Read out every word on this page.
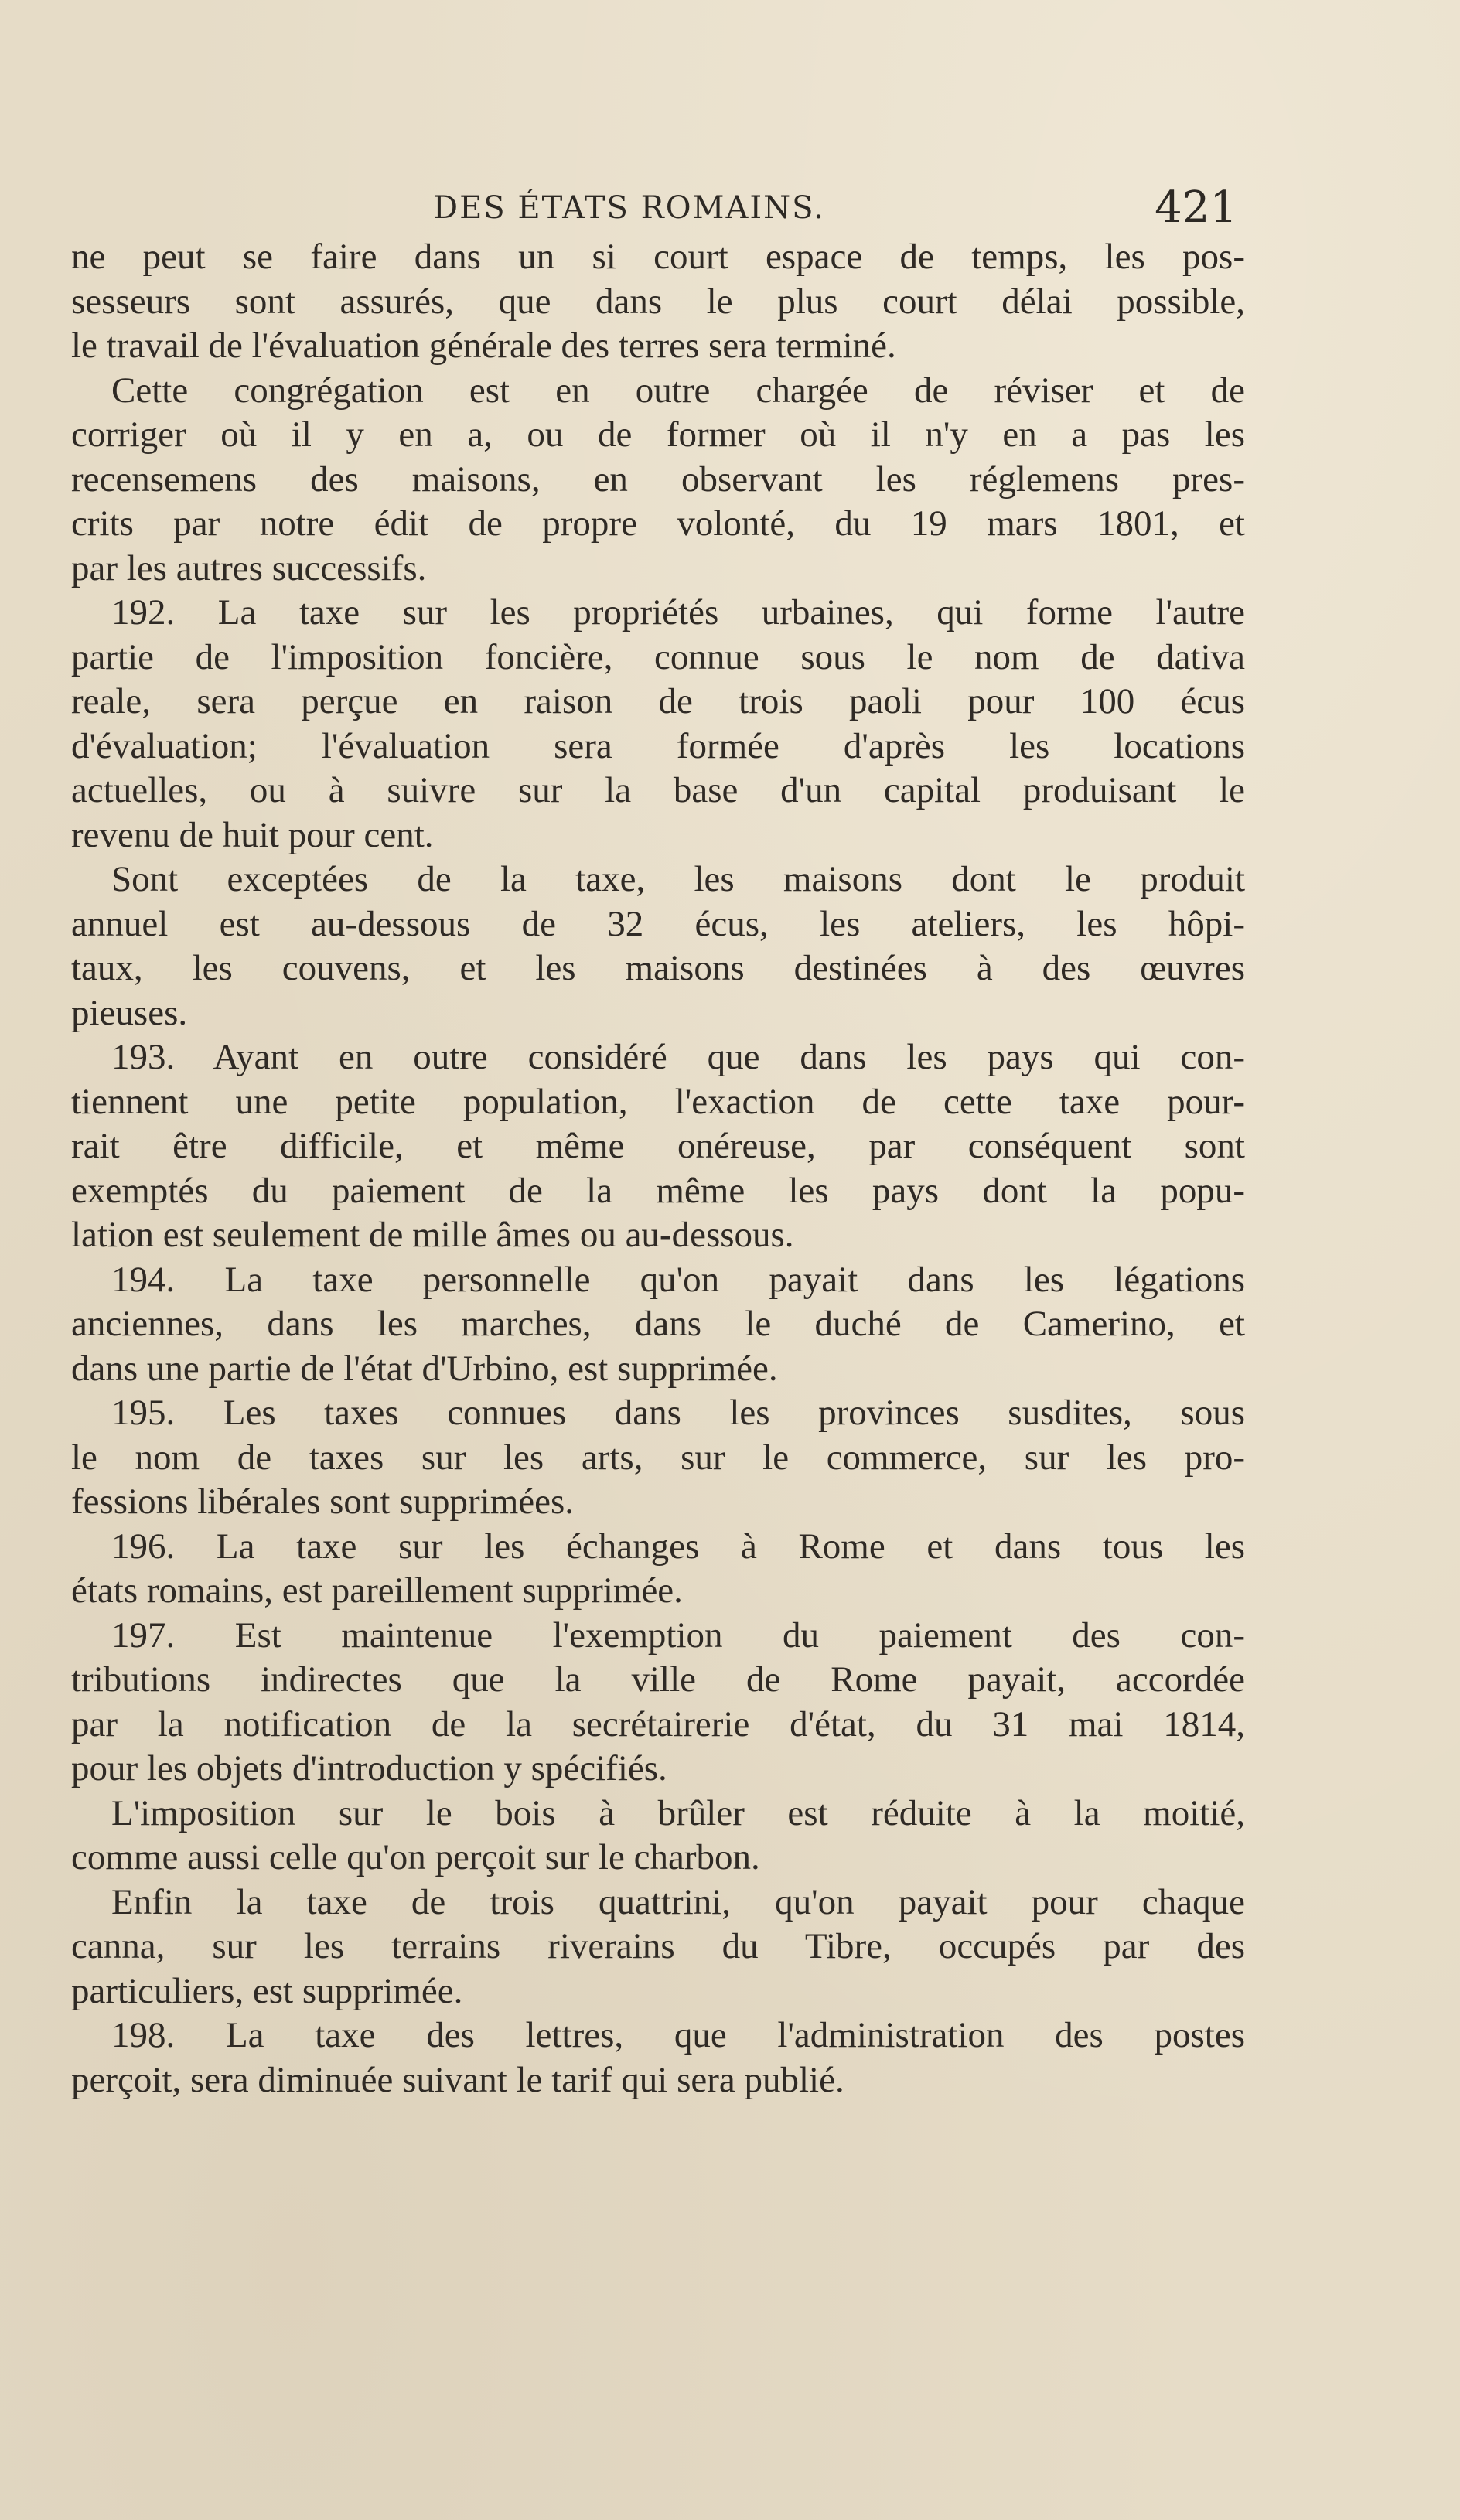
DES ÉTATS ROMAINS.	421
ne peut se faire dans un si court espace de temps, les pos-
sesseurs sont assurés, que dans le plus court délai possible,
le travail de l'évaluation générale des terres sera terminé.
Cette congrégation est en outre chargée de réviser et de
corriger où il y en a, ou de former où il n'y en a pas les
recensemens des maisons, en observant les réglemens pres-
crits par notre édit de propre volonté, du 19 mars 1801, et
par les autres successifs.
192. La taxe sur les propriétés urbaines, qui forme l'autre
partie de l'imposition foncière, connue sous le nom de dativa
reale, sera perçue en raison de trois paoli pour 100 écus
d'évaluation; l'évaluation sera formée d'après les locations
actuelles, ou à suivre sur la base d'un capital produisant le
revenu de huit pour cent.
Sont exceptées de la taxe, les maisons dont le produit
annuel est au-dessous de 32 écus, les ateliers, les hôpi-
taux, les couvens, et les maisons destinées à des œuvres
pieuses.
193. Ayant en outre considéré que dans les pays qui con-
tiennent une petite population, l'exaction de cette taxe pour-
rait être difficile, et même onéreuse, par conséquent sont
exemptés du paiement de la même les pays dont la popu-
lation est seulement de mille âmes ou au-dessous.
194. La taxe personnelle qu'on payait dans les légations
anciennes, dans les marches, dans le duché de Camerino, et
dans une partie de l'état d'Urbino, est supprimée.
195. Les taxes connues dans les provinces susdites, sous
le nom de taxes sur les arts, sur le commerce, sur les pro-
fessions libérales sont supprimées.
196. La taxe sur les échanges à Rome et dans tous les
états romains, est pareillement supprimée.
197. Est maintenue l'exemption du paiement des con-
tributions indirectes que la ville de Rome payait, accordée
par la notification de la secrétairerie d'état, du 31 mai 1814,
pour les objets d'introduction y spécifiés.
L'imposition sur le bois à brûler est réduite à la moitié,
comme aussi celle qu'on perçoit sur le charbon.
Enfin la taxe de trois quattrini, qu'on payait pour chaque
canna, sur les terrains riverains du Tibre, occupés par des
particuliers, est supprimée.
198. La taxe des lettres, que l'administration des postes
perçoit, sera diminuée suivant le tarif qui sera publié.
